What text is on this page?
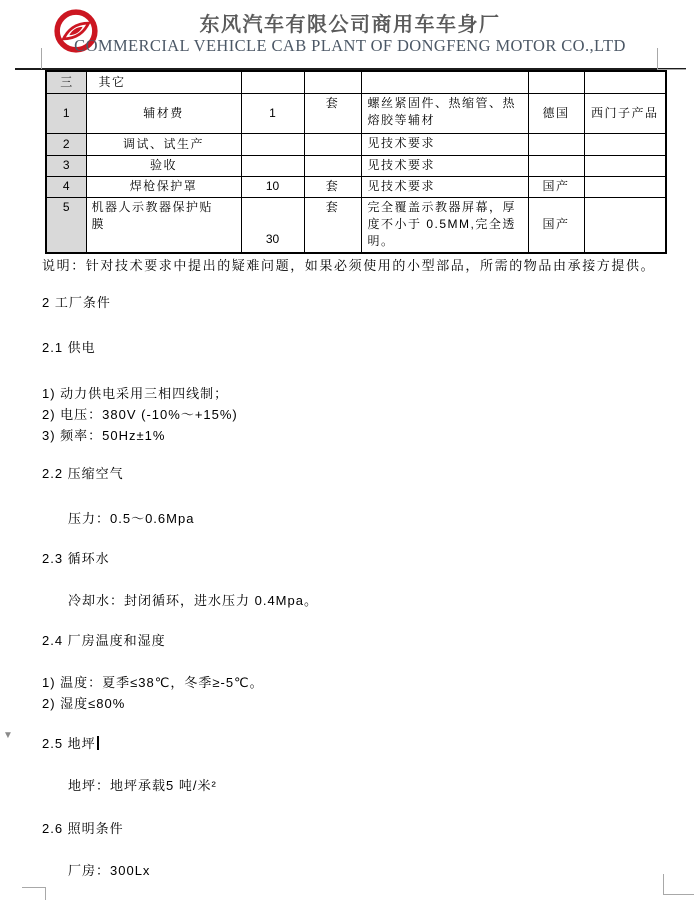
东风汽车有限公司商用车车身厂
COMMERCIAL VEHICLE CAB PLANT OF DONGFENG MOTOR CO.,LTD
三	其它					
1	辅材费	1	套	螺丝紧固件、热缩管、热熔胶等辅材	德国	西门子产品
2	调试、试生产			见技术要求		
3	验收			见技术要求		
4	焊枪保护罩	10	套	见技术要求	国产	
5	机器人示教器保护贴膜	30	套	完全覆盖示教器屏幕，厚度不小于 0.5MM,完全透明。	国产	
说明：针对技术要求中提出的疑难问题，如果必须使用的小型部品，所需的物品由承接方提供。
2 工厂条件
2.1 供电
1) 动力供电采用三相四线制；
2) 电压：380V (-10%～+15%)
3) 频率：50Hz±1%
2.2 压缩空气
压力：0.5～0.6Mpa
2.3 循环水
冷却水：封闭循环，进水压力 0.4Mpa。
2.4 厂房温度和湿度
1) 温度：夏季≤38℃，冬季≥-5℃。
2) 湿度≤80%
▼
2.5 地坪
地坪：地坪承载5 吨/米²
2.6 照明条件
厂房：300Lx
